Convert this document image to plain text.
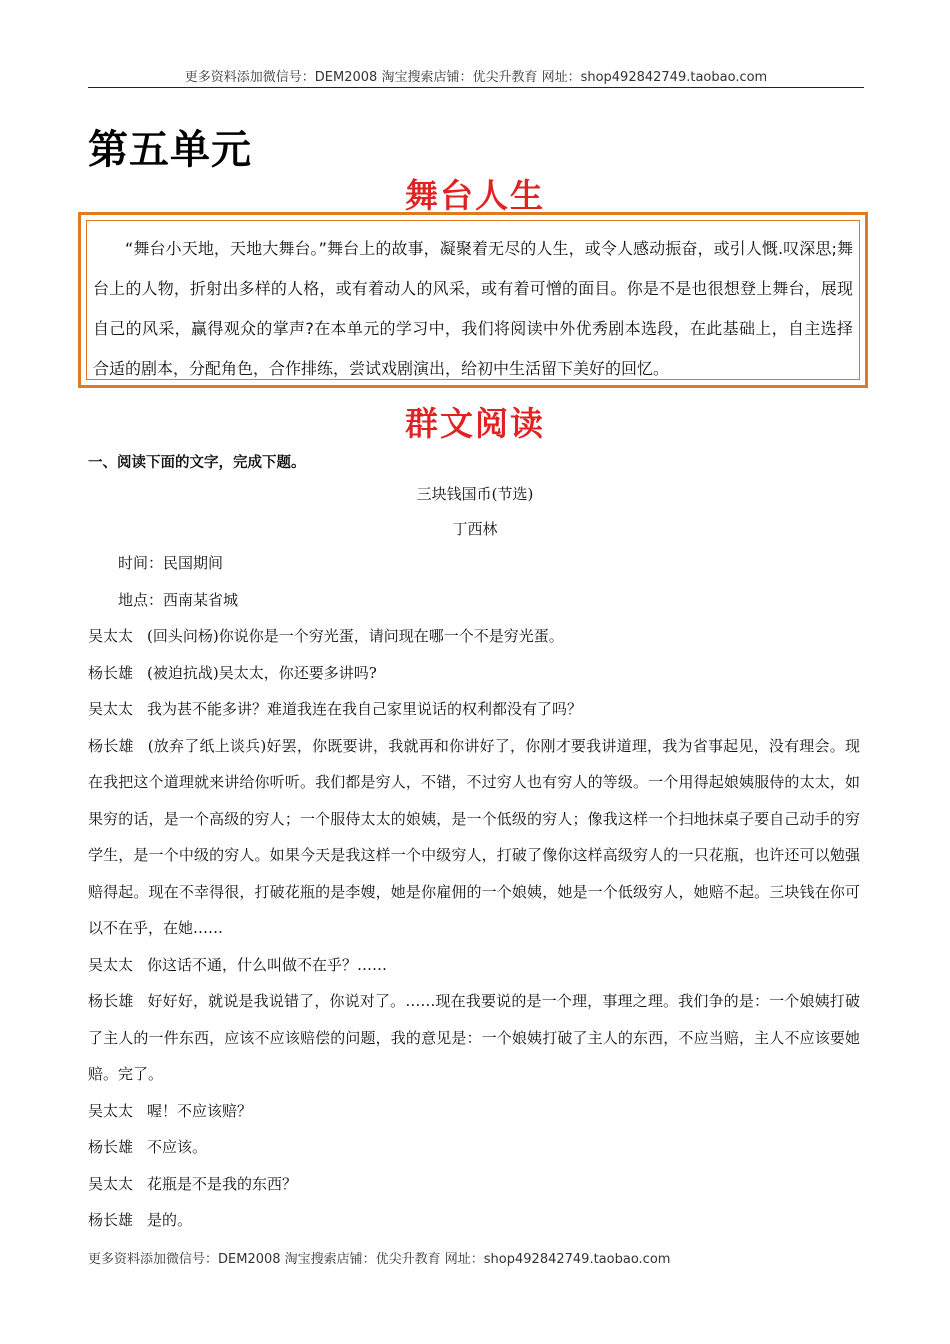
更多资料添加微信号：DEM2008 淘宝搜索店铺：优尖升教育 网址：shop492842749.taobao.com
第五单元
舞台人生

“舞台小天地，天地大舞台。”舞台上的故事，凝聚着无尽的人生，或令人感动振奋，或引人慨.叹深思;舞台上的人物，折射出多样的人格，或有着动人的风采，或有着可憎的面目。你是不是也很想登上舞台，展现自己的风采，赢得观众的掌声?在本单元的学习中，我们将阅读中外优秀剧本选段，在此基础上，自主选择合适的剧本，分配角色，合作排练，尝试戏剧演出，给初中生活留下美好的回忆。

群文阅读
一、阅读下面的文字，完成下题。
三块钱国币(节选)
丁西林

时间：民国期间

地点：西南某省城

吴太太 (回头问杨)你说你是一个穷光蛋，请问现在哪一个不是穷光蛋。

杨长雄 (被迫抗战)吴太太，你还要多讲吗?

吴太太 我为甚不能多讲？难道我连在我自己家里说话的权利都没有了吗？

杨长雄 (放弃了纸上谈兵)好罢，你既要讲，我就再和你讲好了，你刚才要我讲道理，我为省事起见，没有理会。现在我把这个道理就来讲给你听听。我们都是穷人，不错，不过穷人也有穷人的等级。一个用得起娘姨服侍的太太，如果穷的话，是一个高级的穷人；一个服侍太太的娘姨，是一个低级的穷人；像我这样一个扫地抹桌子要自己动手的穷学生，是一个中级的穷人。如果今天是我这样一个中级穷人，打破了像你这样高级穷人的一只花瓶，也许还可以勉强赔得起。现在不幸得很，打破花瓶的是李嫂，她是你雇佣的一个娘姨，她是一个低级穷人，她赔不起。三块钱在你可以不在乎，在她……

吴太太 你这话不通，什么叫做不在乎？……

杨长雄 好好好，就说是我说错了，你说对了。……现在我要说的是一个理，事理之理。我们争的是：一个娘姨打破了主人的一件东西，应该不应该赔偿的问题，我的意见是：一个娘姨打破了主人的东西，不应当赔，主人不应该要她赔。完了。

吴太太 喔！不应该赔？

杨长雄 不应该。

吴太太 花瓶是不是我的东西？

杨长雄 是的。

更多资料添加微信号：DEM2008 淘宝搜索店铺：优尖升教育 网址：shop492842749.taobao.com
